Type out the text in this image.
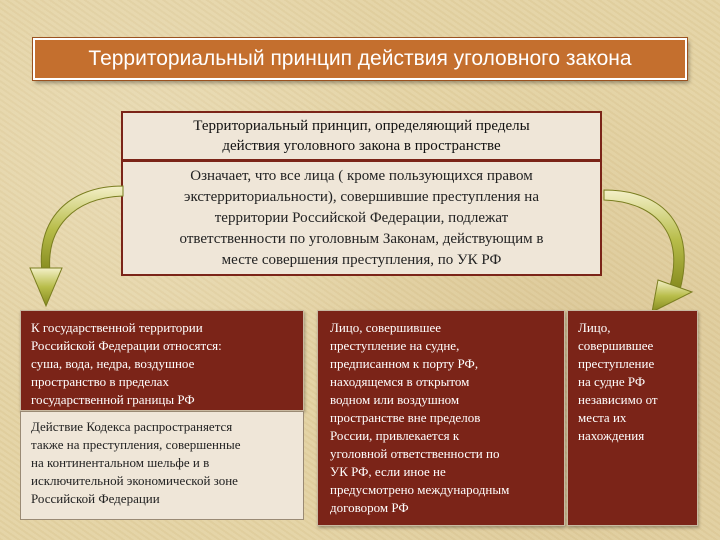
Территориальный принцип действия уголовного закона
Территориальный принцип, определяющий пределы
действия уголовного закона в пространстве
Означает, что все лица ( кроме пользующихся правом
экстерриториальности), совершившие преступления на
территории Российской Федерации, подлежат
ответственности по уголовным Законам, действующим в
месте совершения преступления, по УК РФ
К государственной территории
Российской Федерации относятся:
суша, вода, недра, воздушное
пространство в пределах
государственной границы РФ
Действие Кодекса распространяется
также на преступления, совершенные
на континентальном шельфе и в
исключительной экономической зоне
Российской Федерации
Лицо, совершившее
преступление на судне,
предписанном к порту РФ,
находящемся в открытом
водном или воздушном
пространстве вне пределов
России, привлекается к
уголовной ответственности по
УК РФ, если иное не
предусмотрено международным
договором РФ
Лицо,
совершившее
преступление
на судне РФ
независимо от
места их
нахождения
